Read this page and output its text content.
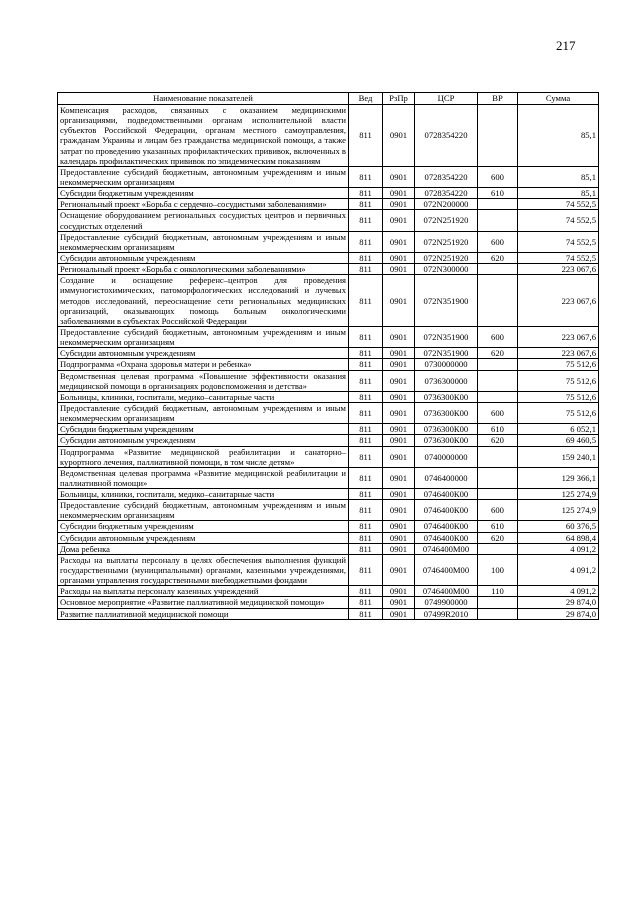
217
Наименование показателей	Вед	РзПр	ЦСР	ВР	Сумма
Компенсация расходов, связанных с оказанием медицинскими организациями, подведомственными органам исполнительной власти субъектов Российской Федерации, органам местного самоуправления, гражданам Украины и лицам без гражданства медицинской помощи, а также затрат по проведению указанных профилактических прививок, включенных в календарь профилактических прививок по эпидемическим показаниям	811	0901	0728354220		85,1
Предоставление субсидий бюджетным, автономным учреждениям и иным некоммерческим организациям	811	0901	0728354220	600	85,1
Субсидии бюджетным учреждениям	811	0901	0728354220	610	85,1
Региональный проект «Борьба с сердечно–сосудистыми заболеваниями»	811	0901	072N200000		74 552,5
Оснащение оборудованием региональных сосудистых центров и первичных сосудистых отделений	811	0901	072N251920		74 552,5
Предоставление субсидий бюджетным, автономным учреждениям и иным некоммерческим организациям	811	0901	072N251920	600	74 552,5
Субсидии автономным учреждениям	811	0901	072N251920	620	74 552,5
Региональный проект «Борьба с онкологическими заболеваниями»	811	0901	072N300000		223 067,6
Создание и оснащение референс–центров для проведения иммуногистохимических, патоморфологических исследований и лучевых методов исследований, переоснащение сети региональных медицинских организаций, оказывающих помощь больным онкологическими заболеваниями в субъектах Российской Федерации	811	0901	072N351900		223 067,6
Предоставление субсидий бюджетным, автономным учреждениям и иным некоммерческим организациям	811	0901	072N351900	600	223 067,6
Субсидии автономным учреждениям	811	0901	072N351900	620	223 067,6
Подпрограмма «Охрана здоровья матери и ребенка»	811	0901	0730000000		75 512,6
Ведомственная целевая программа «Повышение эффективности оказания медицинской помощи в организациях родовспоможения и детства»	811	0901	0736300000		75 512,6
Больницы, клиники, госпитали, медико–санитарные части	811	0901	0736300К00		75 512,6
Предоставление субсидий бюджетным, автономным учреждениям и иным некоммерческим организациям	811	0901	0736300К00	600	75 512,6
Субсидии бюджетным учреждениям	811	0901	0736300К00	610	6 052,1
Субсидии автономным учреждениям	811	0901	0736300К00	620	69 460,5
Подпрограмма «Развитие медицинской реабилитации и санаторно–курортного лечения, паллиативной помощи, в том числе детям»	811	0901	0740000000		159 240,1
Ведомственная целевая программа «Развитие медицинской реабилитации и паллиативной помощи»	811	0901	0746400000		129 366,1
Больницы, клиники, госпитали, медико–санитарные части	811	0901	0746400К00		125 274,9
Предоставление субсидий бюджетным, автономным учреждениям и иным некоммерческим организациям	811	0901	0746400К00	600	125 274,9
Субсидии бюджетным учреждениям	811	0901	0746400К00	610	60 376,5
Субсидии автономным учреждениям	811	0901	0746400К00	620	64 898,4
Дома ребенка	811	0901	0746400М00		4 091,2
Расходы на выплаты персоналу в целях обеспечения выполнения функций государственными (муниципальными) органами, казенными учреждениями, органами управления государственными внебюджетными фондами	811	0901	0746400М00	100	4 091,2
Расходы на выплаты персоналу казенных учреждений	811	0901	0746400М00	110	4 091,2
Основное мероприятие «Развитие паллиативной медицинской помощи»	811	0901	0749900000		29 874,0
Развитие паллиативной медицинской помощи	811	0901	07499R2010		29 874,0
